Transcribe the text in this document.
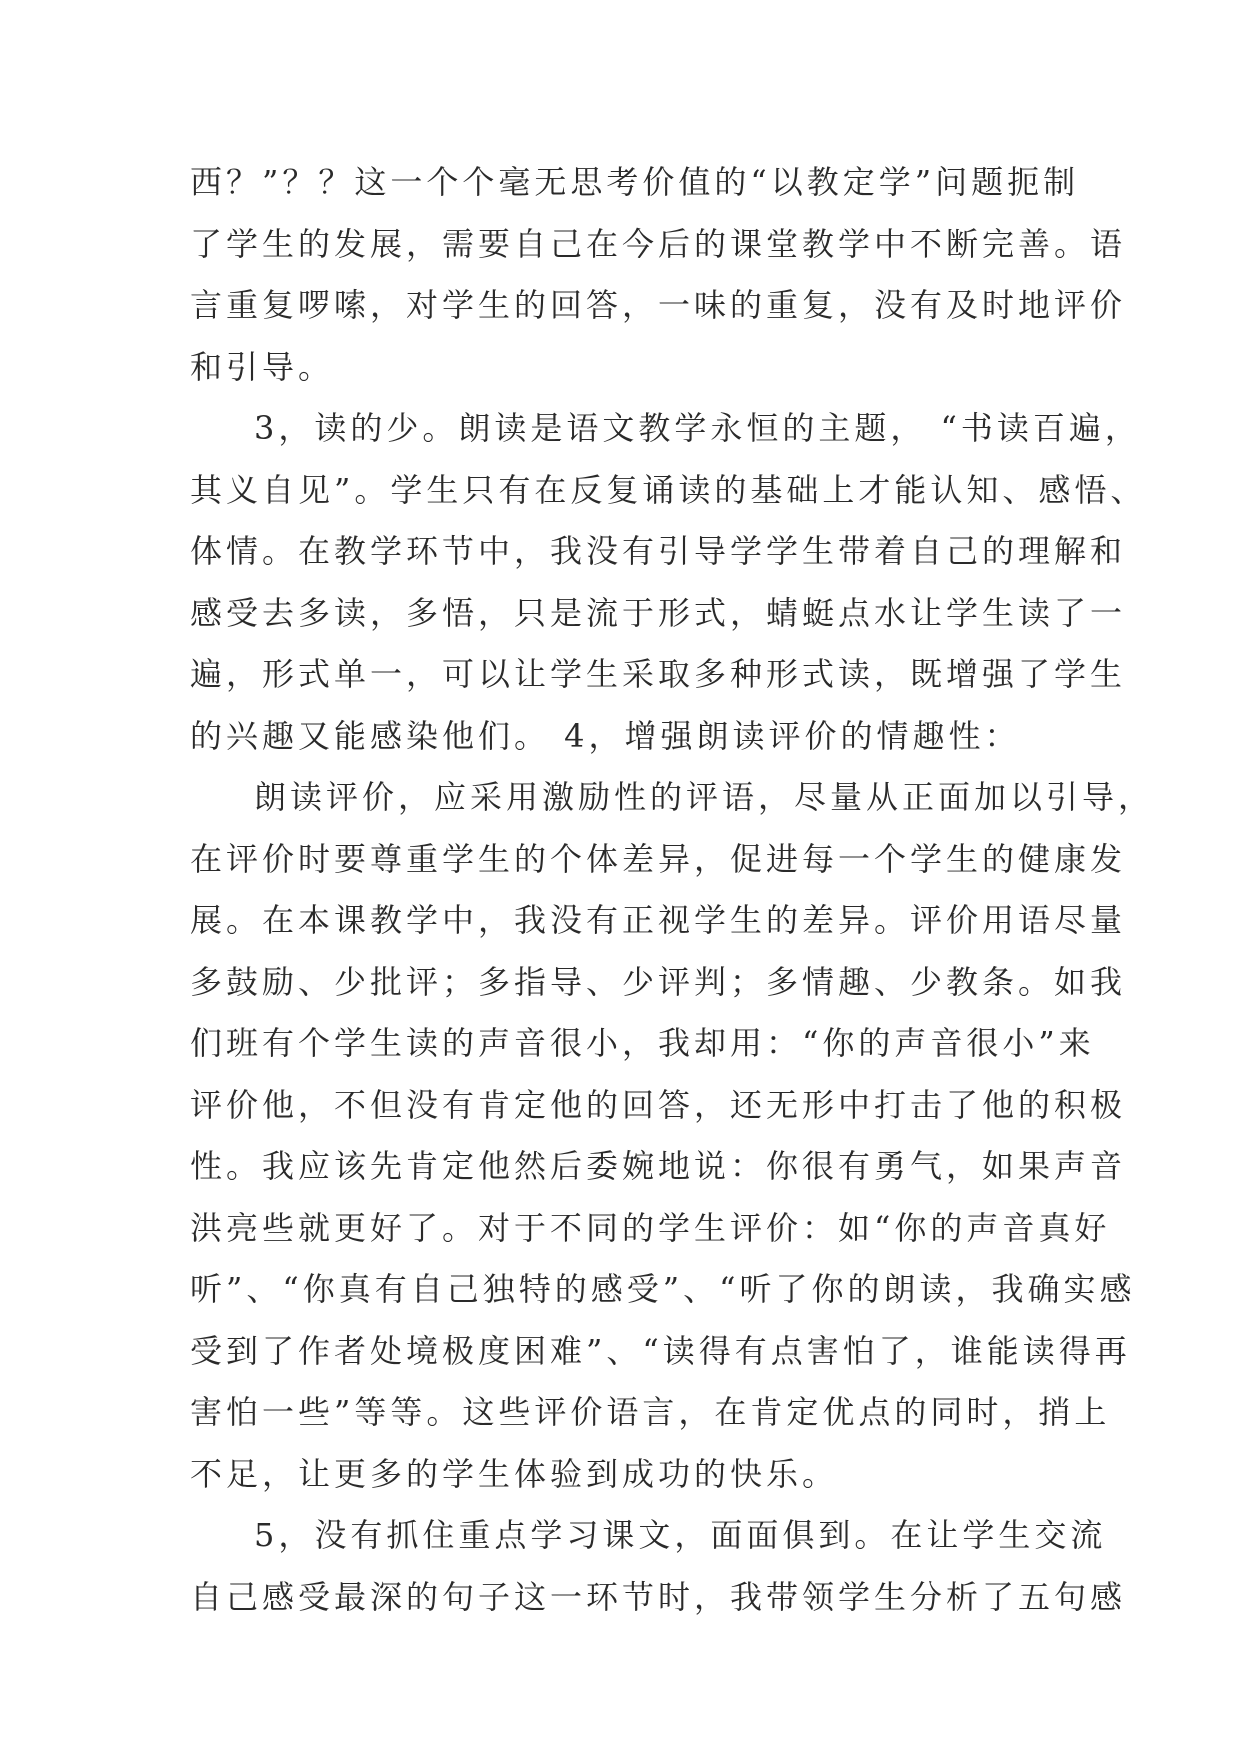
西？”？？这一个个毫无思考价值的“以教定学”问题扼制
了学生的发展，需要自己在今后的课堂教学中不断完善。语
言重复啰嗦，对学生的回答，一味的重复，没有及时地评价
和引导。

3，读的少。朗读是语文教学永恒的主题， “书读百遍，
其义自见”。学生只有在反复诵读的基础上才能认知、感悟、
体情。在教学环节中，我没有引导学学生带着自己的理解和
感受去多读，多悟，只是流于形式，蜻蜓点水让学生读了一
遍，形式单一，可以让学生采取多种形式读，既增强了学生
的兴趣又能感染他们。 4，增强朗读评价的情趣性：

朗读评价，应采用激励性的评语，尽量从正面加以引导，
在评价时要尊重学生的个体差异，促进每一个学生的健康发
展。在本课教学中，我没有正视学生的差异。评价用语尽量
多鼓励、少批评；多指导、少评判；多情趣、少教条。如我
们班有个学生读的声音很小，我却用：“你的声音很小”来
评价他，不但没有肯定他的回答，还无形中打击了他的积极
性。我应该先肯定他然后委婉地说：你很有勇气，如果声音
洪亮些就更好了。对于不同的学生评价：如“你的声音真好
听”、“你真有自己独特的感受”、“听了你的朗读，我确实感
受到了作者处境极度困难”、“读得有点害怕了，谁能读得再
害怕一些”等等。这些评价语言，在肯定优点的同时，捎上
不足，让更多的学生体验到成功的快乐。

5，没有抓住重点学习课文，面面俱到。在让学生交流
自己感受最深的句子这一环节时，我带领学生分析了五句感
